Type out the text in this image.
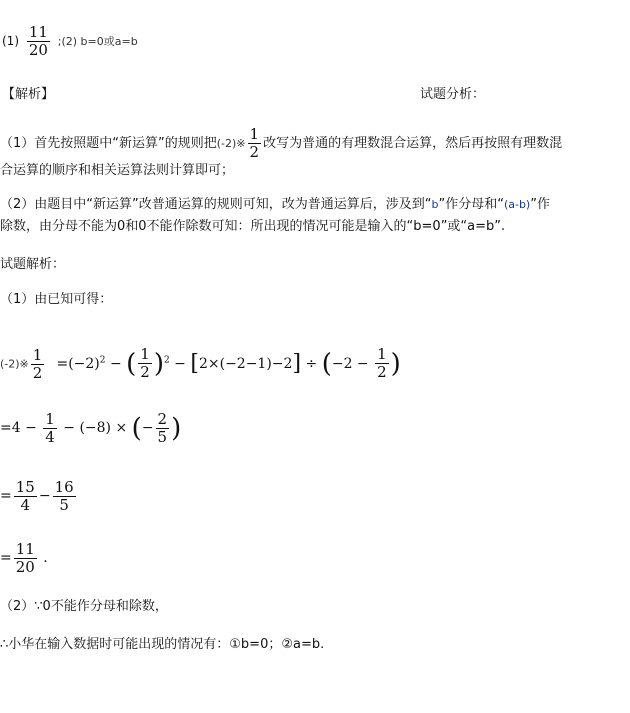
$(1) \frac{11}{20}$ ;(2) b=0或a=b
【解析】	试题分析：
（1）首先按照题中“新运算”的规则把(-2)※ $\frac{1}{2}$ 改写为普通的有理数混合运算，然后再按照有理数混
合运算的顺序和相关运算法则计算即可；
（2）由题目中“新运算”改普通运算的规则可知，改为普通运算后，涉及到“b”作分母和“(a-b)”作
除数，由分母不能为0和0不能作除数可知：所出现的情况可能是输入的“b=0”或“a=b”.
试题解析：
（1）由已知可得：
(-2)※ $\frac{1}{2} =(-2)^2$ − ( $\frac{1}{2} )^2 - [2\times(-2-1)-2] \div (-2 - \frac{1}{2}$ )
$=4 - \frac{1}{4} - (-8)$ × (− $\frac{2}{5}$ )
= $\frac{15}{4} - \frac{16}{5}$
= $\frac{11}{20}$ .
（2）∵0不能作分母和除数，
∴小华在输入数据时可能出现的情况有：①b=0；②a=b.
